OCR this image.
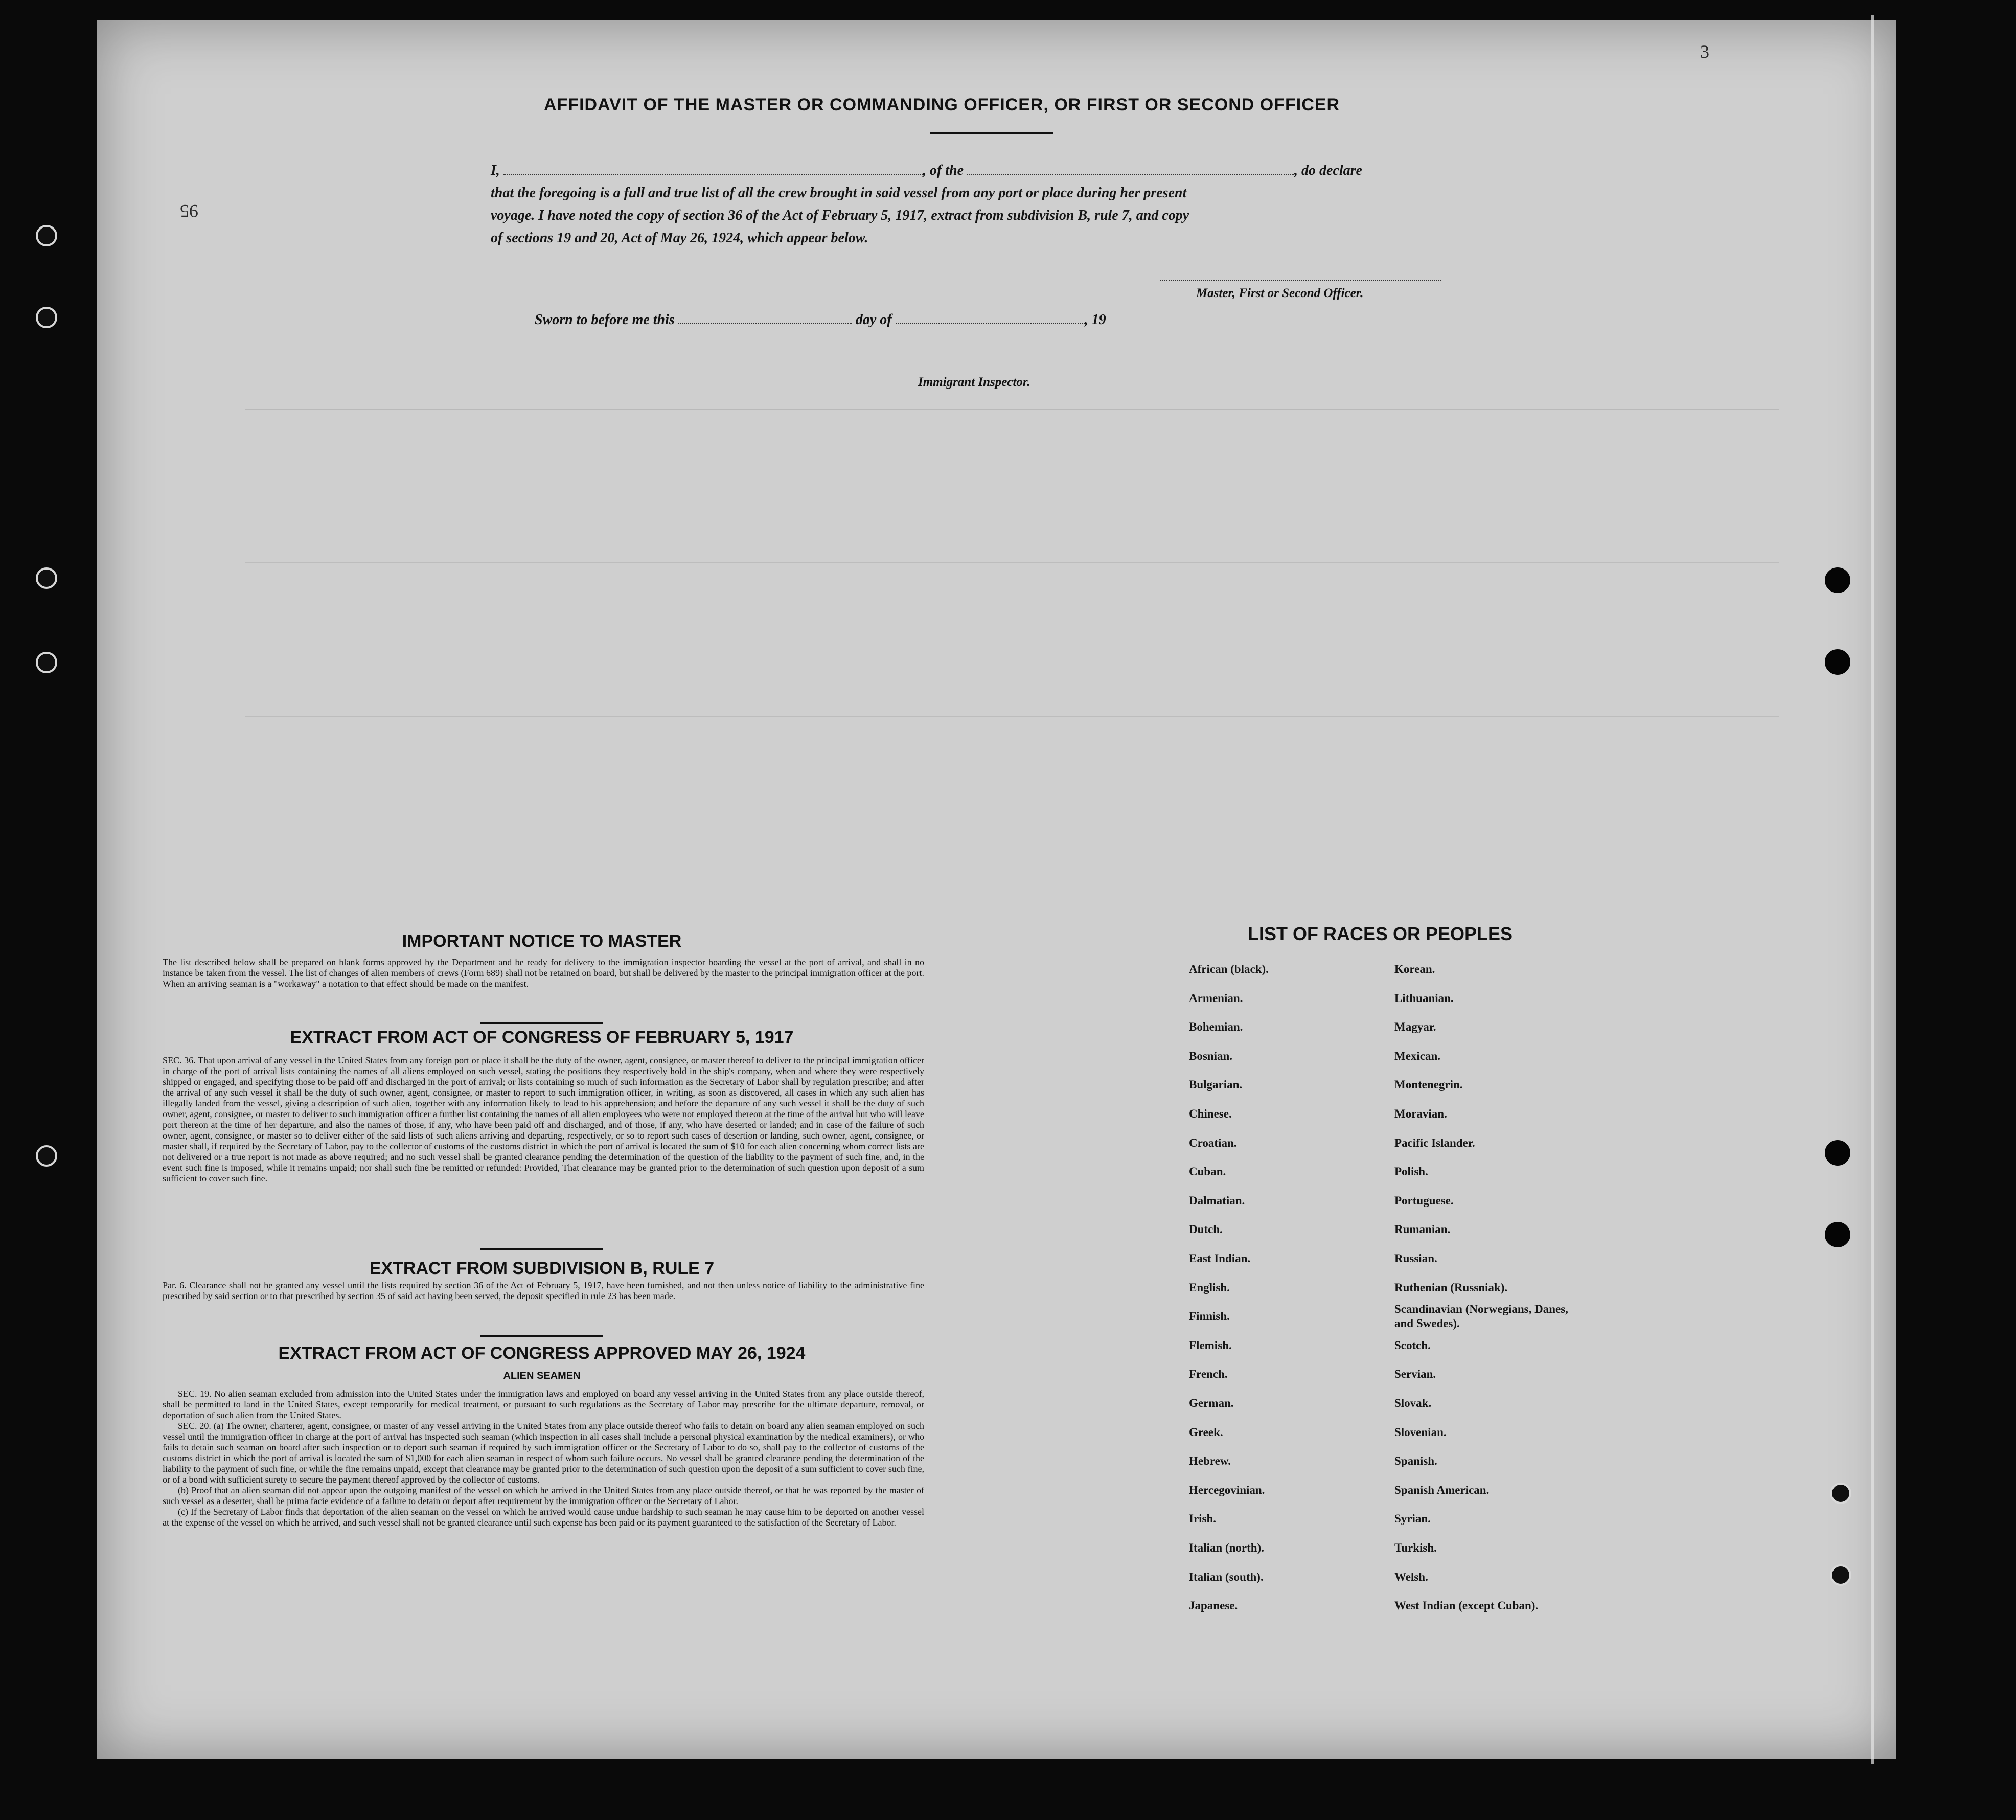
95
3
AFFIDAVIT OF THE MASTER OR COMMANDING OFFICER, OR FIRST OR SECOND OFFICER
I,	, of the	, do declare
that the foregoing is a full and true list of all the crew brought in said vessel from any port or place during her present
voyage. I have noted the copy of section 36 of the Act of February 5, 1917, extract from subdivision B, rule 7, and copy
of sections 19 and 20, Act of May 26, 1924, which appear below.
Master, First or Second Officer.
Sworn to before me this	day of	, 19
Immigrant Inspector.
IMPORTANT NOTICE TO MASTER
The list described below shall be prepared on blank forms approved by the Department and be ready for delivery to the immigration inspector boarding the vessel at the port of arrival, and shall in no instance be taken from the vessel. The list of changes of alien members of crews (Form 689) shall not be retained on board, but shall be delivered by the master to the principal immigration officer at the port. When an arriving seaman is a "workaway" a notation to that effect should be made on the manifest.
EXTRACT FROM ACT OF CONGRESS OF FEBRUARY 5, 1917
SEC. 36. That upon arrival of any vessel in the United States from any foreign port or place it shall be the duty of the owner, agent, consignee, or master thereof to deliver to the principal immigration officer in charge of the port of arrival lists containing the names of all aliens employed on such vessel, stating the positions they respectively hold in the ship's company, when and where they were respectively shipped or engaged, and specifying those to be paid off and discharged in the port of arrival; or lists containing so much of such information as the Secretary of Labor shall by regulation prescribe; and after the arrival of any such vessel it shall be the duty of such owner, agent, consignee, or master to report to such immigration officer, in writing, as soon as discovered, all cases in which any such alien has illegally landed from the vessel, giving a description of such alien, together with any information likely to lead to his apprehension; and before the departure of any such vessel it shall be the duty of such owner, agent, consignee, or master to deliver to such immigration officer a further list containing the names of all alien employees who were not employed thereon at the time of the arrival but who will leave port thereon at the time of her departure, and also the names of those, if any, who have been paid off and discharged, and of those, if any, who have deserted or landed; and in case of the failure of such owner, agent, consignee, or master so to deliver either of the said lists of such aliens arriving and departing, respectively, or so to report such cases of desertion or landing, such owner, agent, consignee, or master shall, if required by the Secretary of Labor, pay to the collector of customs of the customs district in which the port of arrival is located the sum of $10 for each alien concerning whom correct lists are not delivered or a true report is not made as above required; and no such vessel shall be granted clearance pending the determination of the question of the liability to the payment of such fine, and, in the event such fine is imposed, while it remains unpaid; nor shall such fine be remitted or refunded: Provided, That clearance may be granted prior to the determination of such question upon deposit of a sum sufficient to cover such fine.
EXTRACT FROM SUBDIVISION B, RULE 7
Par. 6. Clearance shall not be granted any vessel until the lists required by section 36 of the Act of February 5, 1917, have been furnished, and not then unless notice of liability to the administrative fine prescribed by said section or to that prescribed by section 35 of said act having been served, the deposit specified in rule 23 has been made.
EXTRACT FROM ACT OF CONGRESS APPROVED MAY 26, 1924
ALIEN SEAMEN
SEC. 19. No alien seaman excluded from admission into the United States under the immigration laws and employed on board any vessel arriving in the United States from any place outside thereof, shall be permitted to land in the United States, except temporarily for medical treatment, or pursuant to such regulations as the Secretary of Labor may prescribe for the ultimate departure, removal, or deportation of such alien from the United States.
SEC. 20. (a) The owner, charterer, agent, consignee, or master of any vessel arriving in the United States from any place outside thereof who fails to detain on board any alien seaman employed on such vessel until the immigration officer in charge at the port of arrival has inspected such seaman (which inspection in all cases shall include a personal physical examination by the medical examiners), or who fails to detain such seaman on board after such inspection or to deport such seaman if required by such immigration officer or the Secretary of Labor to do so, shall pay to the collector of customs of the customs district in which the port of arrival is located the sum of $1,000 for each alien seaman in respect of whom such failure occurs. No vessel shall be granted clearance pending the determination of the liability to the payment of such fine, or while the fine remains unpaid, except that clearance may be granted prior to the determination of such question upon the deposit of a sum sufficient to cover such fine, or of a bond with sufficient surety to secure the payment thereof approved by the collector of customs.
(b) Proof that an alien seaman did not appear upon the outgoing manifest of the vessel on which he arrived in the United States from any place outside thereof, or that he was reported by the master of such vessel as a deserter, shall be prima facie evidence of a failure to detain or deport after requirement by the immigration officer or the Secretary of Labor.
(c) If the Secretary of Labor finds that deportation of the alien seaman on the vessel on which he arrived would cause undue hardship to such seaman he may cause him to be deported on another vessel at the expense of the vessel on which he arrived, and such vessel shall not be granted clearance until such expense has been paid or its payment guaranteed to the satisfaction of the Secretary of Labor.
LIST OF RACES OR PEOPLES
African (black).
Armenian.
Bohemian.
Bosnian.
Bulgarian.
Chinese.
Croatian.
Cuban.
Dalmatian.
Dutch.
East Indian.
English.
Finnish.
Flemish.
French.
German.
Greek.
Hebrew.
Hercegovinian.
Irish.
Italian (north).
Italian (south).
Japanese.
Korean.
Lithuanian.
Magyar.
Mexican.
Montenegrin.
Moravian.
Pacific Islander.
Polish.
Portuguese.
Rumanian.
Russian.
Ruthenian (Russniak).
Scandinavian (Norwegians, Danes, and Swedes).
Scotch.
Servian.
Slovak.
Slovenian.
Spanish.
Spanish American.
Syrian.
Turkish.
Welsh.
West Indian (except Cuban).
